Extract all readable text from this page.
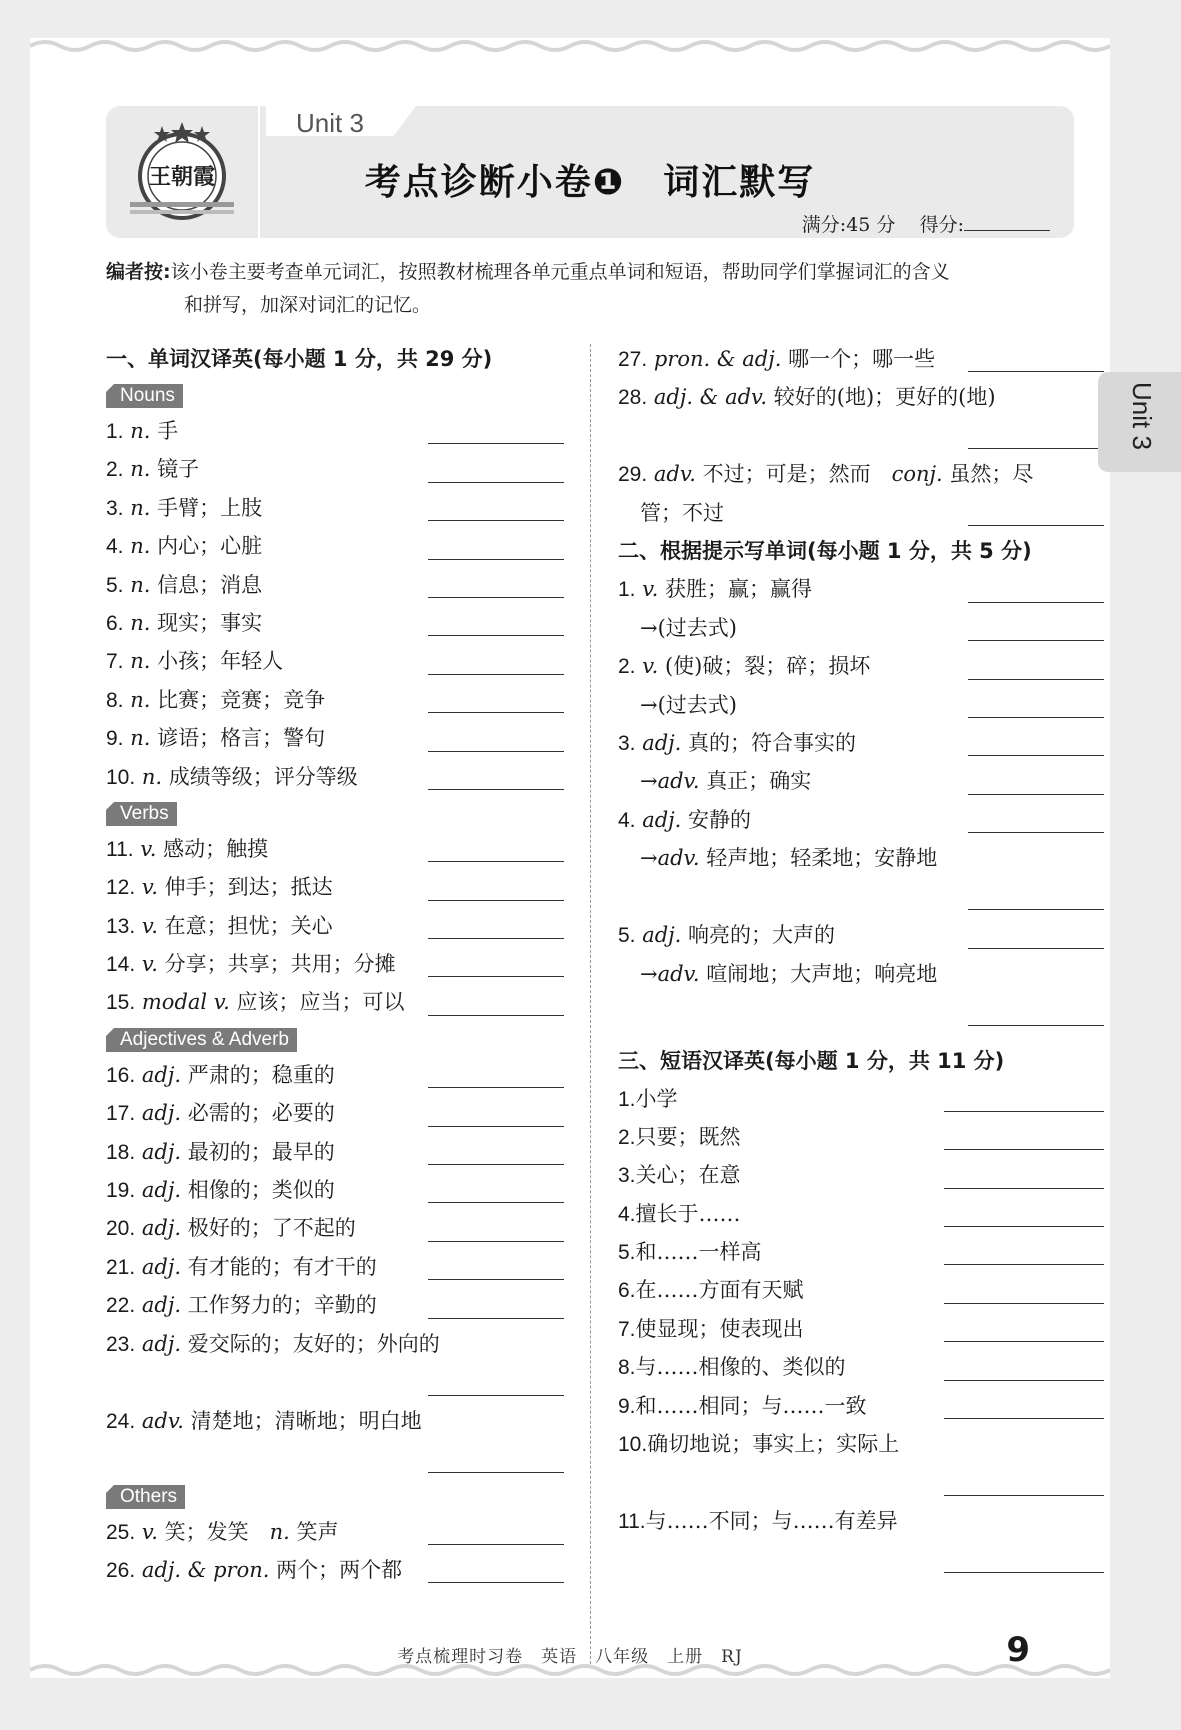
王朝霞
Unit 3
考点诊断小卷❶　词汇默写
满分:45 分 得分:
编者按:该小卷主要考查单元词汇，按照教材梳理各单元重点单词和短语，帮助同学们掌握词汇的含义
和拼写，加深对词汇的记忆。
一、单词汉译英(每小题 1 分，共 29 分)
Nouns
1. n. 手
2. n. 镜子
3. n. 手臂；上肢
4. n. 内心；心脏
5. n. 信息；消息
6. n. 现实；事实
7. n. 小孩；年轻人
8. n. 比赛；竞赛；竞争
9. n. 谚语；格言；警句
10. n. 成绩等级；评分等级
Verbs
11. v. 感动；触摸
12. v. 伸手；到达；抵达
13. v. 在意；担忧；关心
14. v. 分享；共享；共用；分摊
15. modal v. 应该；应当；可以
Adjectives & Adverb
16. adj. 严肃的；稳重的
17. adj. 必需的；必要的
18. adj. 最初的；最早的
19. adj. 相像的；类似的
20. adj. 极好的；了不起的
21. adj. 有才能的；有才干的
22. adj. 工作努力的；辛勤的
23. adj. 爱交际的；友好的；外向的
24. adv. 清楚地；清晰地；明白地
Others
25. v. 笑；发笑　n. 笑声
26. adj. & pron. 两个；两个都
27. pron. & adj. 哪一个；哪一些
28. adj. & adv. 较好的(地)；更好的(地)
29. adv. 不过；可是；然而　conj. 虽然；尽
管；不过
二、根据提示写单词(每小题 1 分，共 5 分)
1. v. 获胜；赢；赢得
→(过去式)
2. v. (使)破；裂；碎；损坏
→(过去式)
3. adj. 真的；符合事实的
→adv. 真正；确实
4. adj. 安静的
→adv. 轻声地；轻柔地；安静地
5. adj. 响亮的；大声的
→adv. 喧闹地；大声地；响亮地
三、短语汉译英(每小题 1 分，共 11 分)
1.小学
2.只要；既然
3.关心；在意
4.擅长于……
5.和……一样高
6.在……方面有天赋
7.使显现；使表现出
8.与……相像的、类似的
9.和……相同；与……一致
10.确切地说；事实上；实际上
11.与……不同；与……有差异
考点梳理时习卷　英语　八年级　上册　RJ	9
Unit 3
